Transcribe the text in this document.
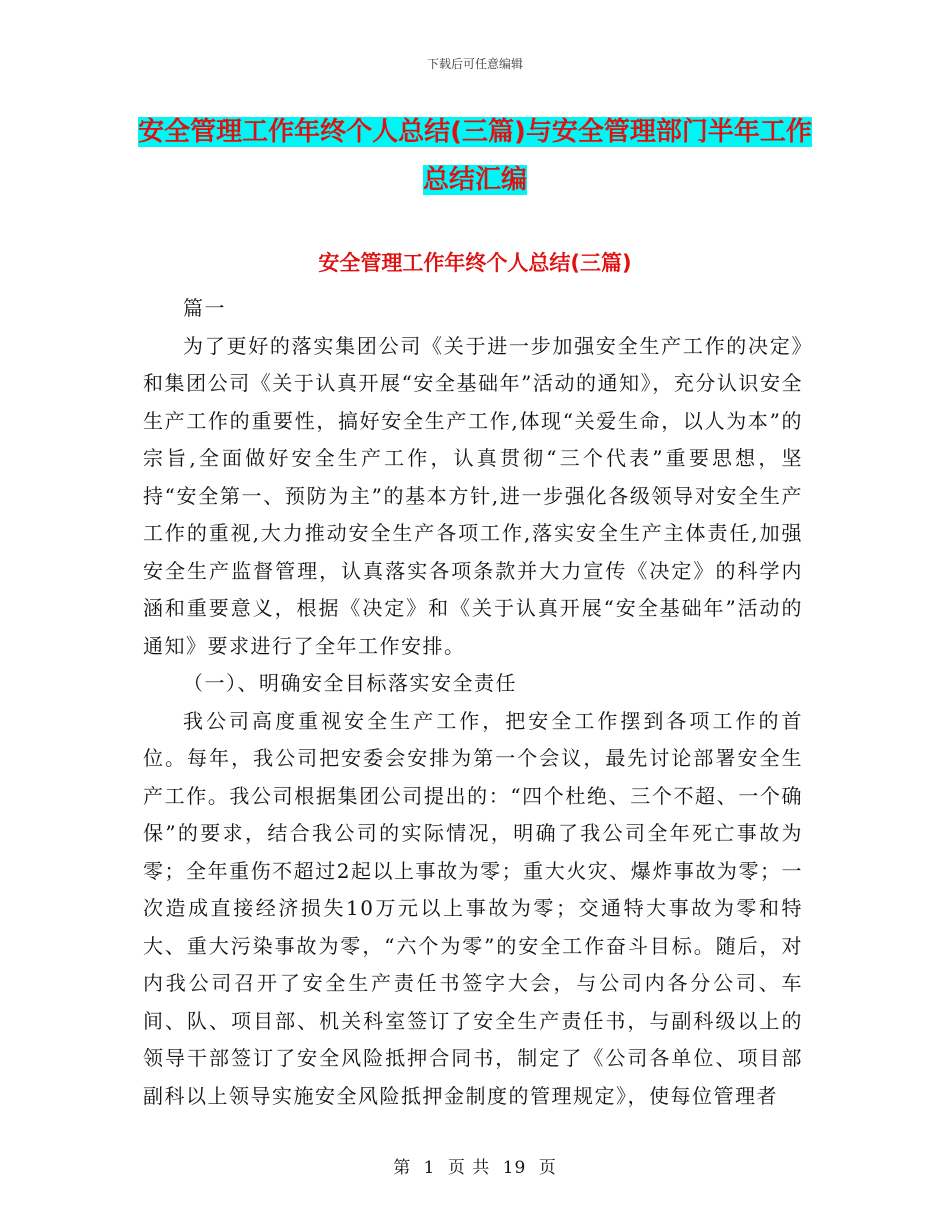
下载后可任意编辑
安全管理工作年终个人总结(三篇)与安全管理部门半年工作总结汇编
安全管理工作年终个人总结(三篇)

篇一

为了更好的落实集团公司《关于进一步加强安全生产工作的决定》和集团公司《关于认真开展“安全基础年”活动的通知》，充分认识安全生产工作的重要性，搞好安全生产工作,体现“关爱生命，以人为本”的宗旨,全面做好安全生产工作，认真贯彻“三个代表”重要思想，坚持“安全第一、预防为主”的基本方针,进一步强化各级领导对安全生产工作的重视,大力推动安全生产各项工作,落实安全生产主体责任,加强安全生产监督管理，认真落实各项条款并大力宣传《决定》的科学内涵和重要意义，根据《决定》和《关于认真开展“安全基础年”活动的通知》要求进行了全年工作安排。

（一）、明确安全目标落实安全责任

我公司高度重视安全生产工作，把安全工作摆到各项工作的首位。每年，我公司把安委会安排为第一个会议，最先讨论部署安全生产工作。我公司根据集团公司提出的：“四个杜绝、三个不超、一个确保”的要求，结合我公司的实际情况，明确了我公司全年死亡事故为零；全年重伤不超过2起以上事故为零；重大火灾、爆炸事故为零；一次造成直接经济损失10万元以上事故为零；交通特大事故为零和特大、重大污染事故为零，“六个为零”的安全工作奋斗目标。随后，对内我公司召开了安全生产责任书签字大会，与公司内各分公司、车间、队、项目部、机关科室签订了安全生产责任书，与副科级以上的领导干部签订了安全风险抵押合同书，制定了《公司各单位、项目部副科以上领导实施安全风险抵押金制度的管理规定》，使每位管理者

第 1 页 共 19 页
